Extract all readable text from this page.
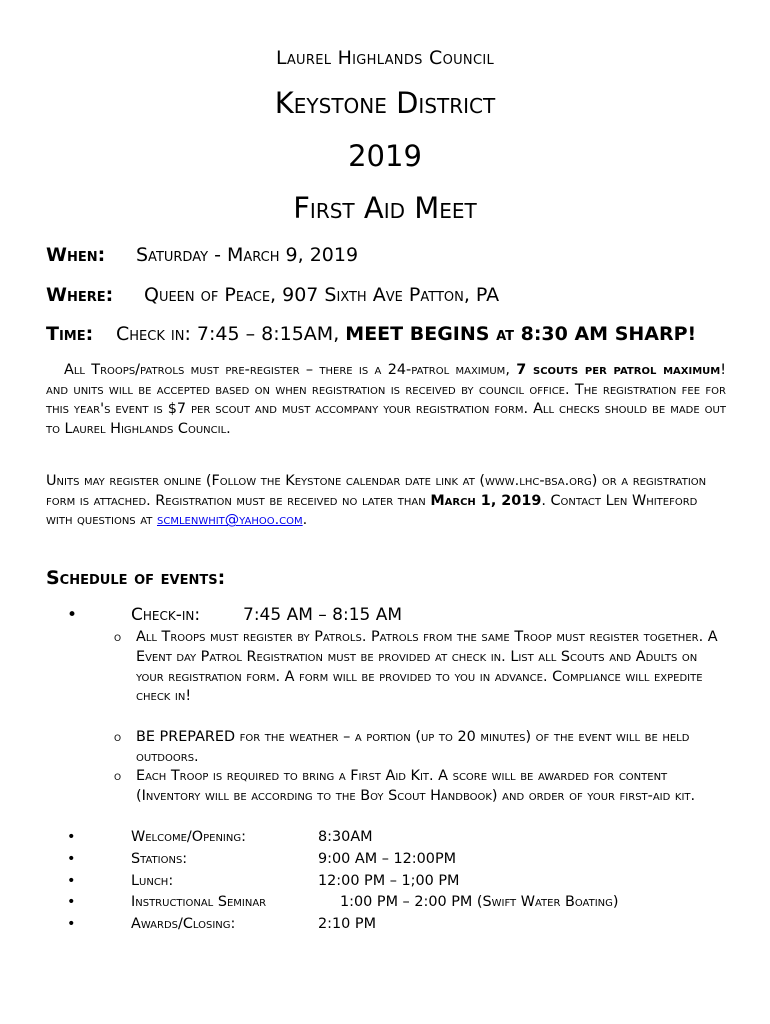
Laurel Highlands Council
Keystone District
2019
First Aid Meet
When: Saturday - March 9, 2019
Where: Queen of Peace, 907 Sixth Ave Patton, PA
Time: Check in: 7:45 – 8:15AM, MEET BEGINS at 8:30 AM SHARP!
All Troops/patrols must pre-register – there is a 24-patrol maximum, 7 scouts per patrol maximum! and units will be accepted based on when registration is received by council office. The registration fee for this year's event is $7 per scout and must accompany your registration form. All checks should be made out to Laurel Highlands Council.
Units may register online (Follow the Keystone calendar date link at (www.lhc-bsa.org) or a registration form is attached. Registration must be received no later than March 1, 2019. Contact Len Whiteford with questions at scmlenwhit@yahoo.com.
Schedule of events:
•	Check-in:	7:45 AM – 8:15 AM
o All Troops must register by Patrols. Patrols from the same Troop must register together. A Event day Patrol Registration must be provided at check in. List all Scouts and Adults on your registration form. A form will be provided to you in advance. Compliance will expedite check in!
o BE PREPARED for the weather – a portion (up to 20 minutes) of the event will be held outdoors.
o Each Troop is required to bring a First Aid Kit. A score will be awarded for content (Inventory will be according to the Boy Scout Handbook) and order of your first-aid kit.
•	Welcome/Opening:	8:30AM
•	Stations:	9:00 AM – 12:00PM
•	Lunch:	12:00 PM – 1;00 PM
•	Instructional Seminar	1:00 PM – 2:00 PM (Swift Water Boating)
•	Awards/Closing:	2:10 PM
